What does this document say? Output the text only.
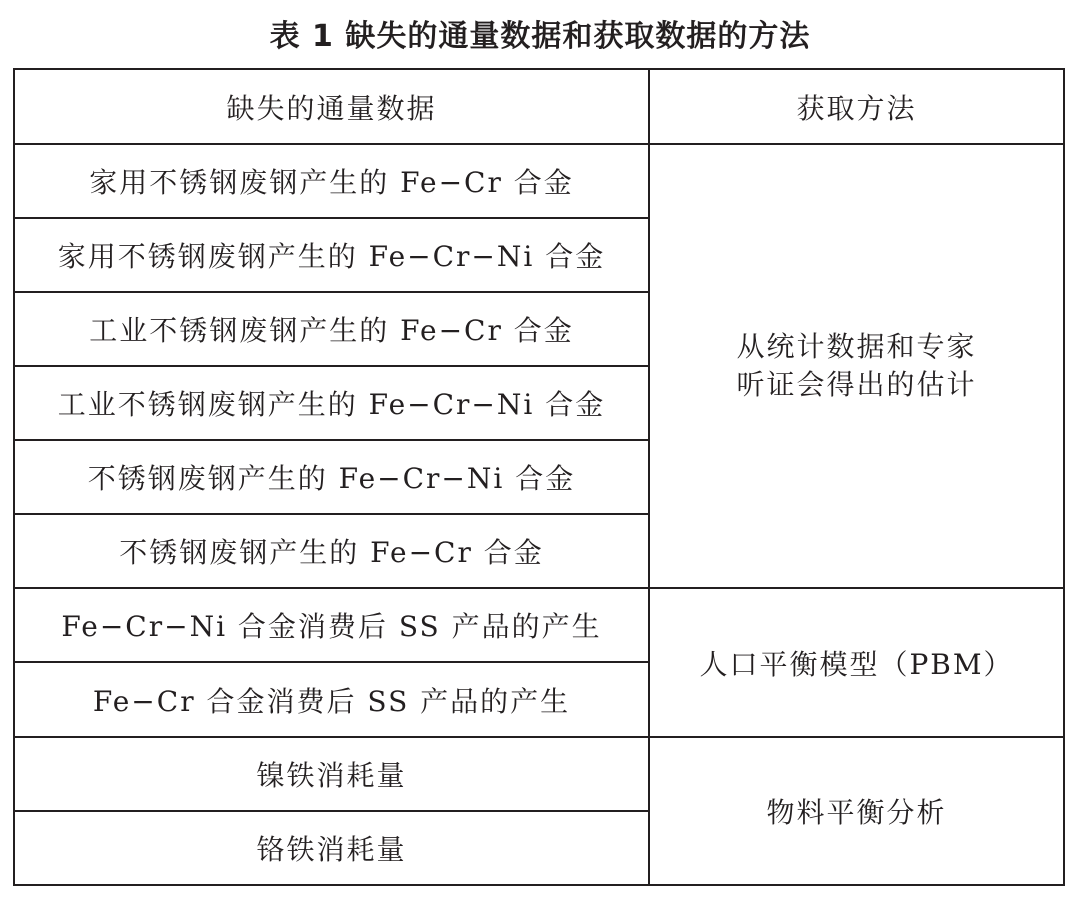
表 1 缺失的通量数据和获取数据的方法
缺失的通量数据	获取方法
家用不锈钢废钢产生的 Fe−Cr 合金	从统计数据和专家
听证会得出的估计

家用不锈钢废钢产生的 Fe−Cr−Ni 合金	
工业不锈钢废钢产生的 Fe−Cr 合金	
工业不锈钢废钢产生的 Fe−Cr−Ni 合金	
不锈钢废钢产生的 Fe−Cr−Ni 合金	
不锈钢废钢产生的 Fe−Cr 合金	
Fe−Cr−Ni 合金消费后 SS 产品的产生	人口平衡模型（PBM）
Fe−Cr 合金消费后 SS 产品的产生	
镍铁消耗量	物料平衡分析
铬铁消耗量	
